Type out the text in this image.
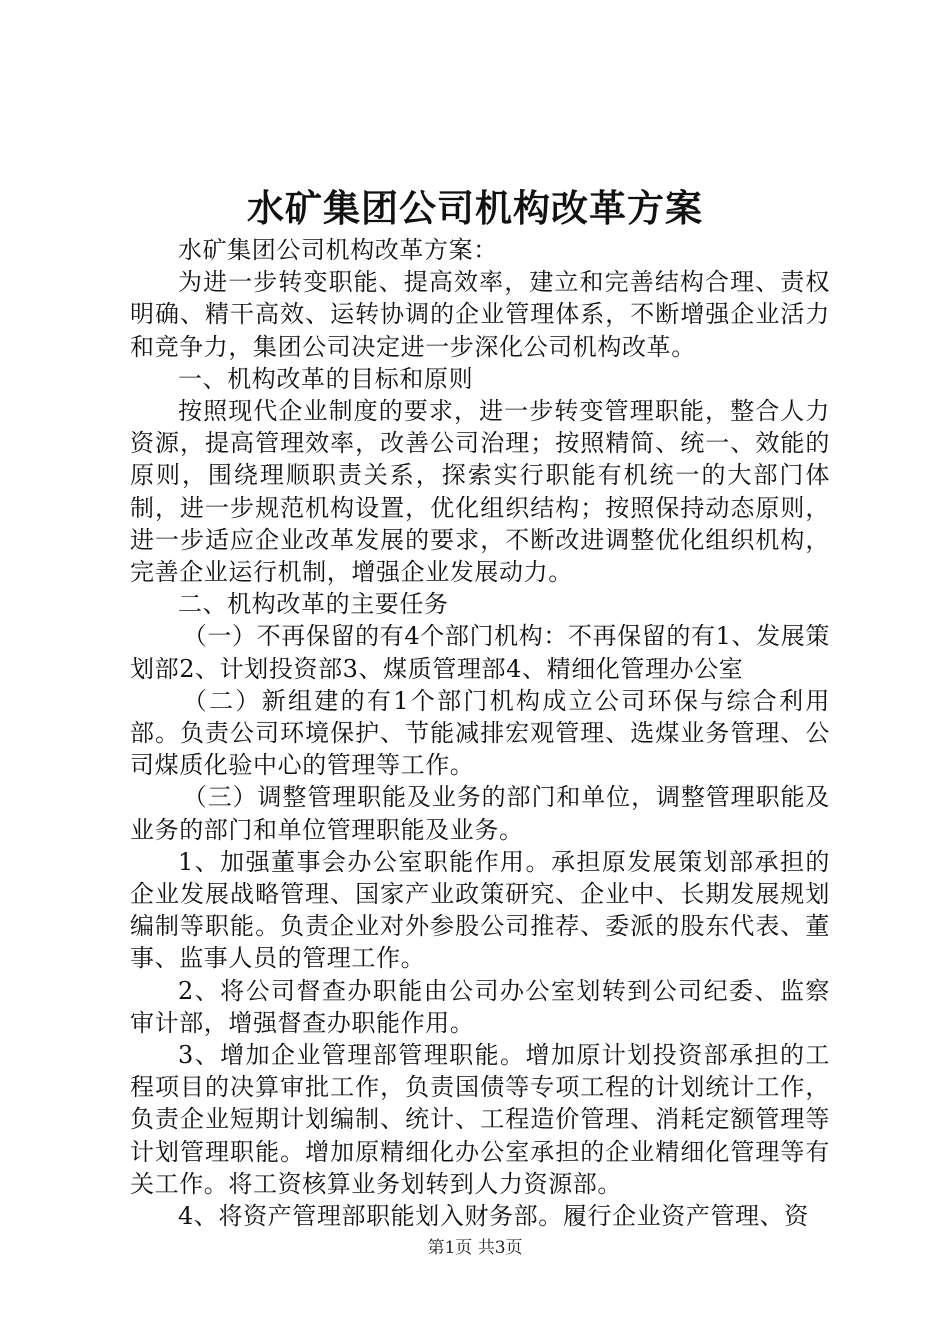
水矿集团公司机构改革方案

水矿集团公司机构改革方案：

为进一步转变职能、提高效率，建立和完善结构合理、责权明确、精干高效、运转协调的企业管理体系，不断增强企业活力和竞争力，集团公司决定进一步深化公司机构改革。

一、机构改革的目标和原则

按照现代企业制度的要求，进一步转变管理职能，整合人力资源，提高管理效率，改善公司治理；按照精简、统一、效能的原则，围绕理顺职责关系，探索实行职能有机统一的大部门体制，进一步规范机构设置，优化组织结构；按照保持动态原则，进一步适应企业改革发展的要求，不断改进调整优化组织机构，完善企业运行机制，增强企业发展动力。

二、机构改革的主要任务

（一）不再保留的有4个部门机构：不再保留的有1、发展策划部2、计划投资部3、煤质管理部4、精细化管理办公室

（二）新组建的有1个部门机构成立公司环保与综合利用部。负责公司环境保护、节能减排宏观管理、选煤业务管理、公司煤质化验中心的管理等工作。

（三）调整管理职能及业务的部门和单位，调整管理职能及业务的部门和单位管理职能及业务。

1、加强董事会办公室职能作用。承担原发展策划部承担的企业发展战略管理、国家产业政策研究、企业中、长期发展规划编制等职能。负责企业对外参股公司推荐、委派的股东代表、董事、监事人员的管理工作。

2、将公司督查办职能由公司办公室划转到公司纪委、监察审计部，增强督查办职能作用。

3、增加企业管理部管理职能。增加原计划投资部承担的工程项目的决算审批工作，负责国债等专项工程的计划统计工作，负责企业短期计划编制、统计、工程造价管理、消耗定额管理等计划管理职能。增加原精细化办公室承担的企业精细化管理等有关工作。将工资核算业务划转到人力资源部。

4、将资产管理部职能划入财务部。履行企业资产管理、资

第1页 共3页
